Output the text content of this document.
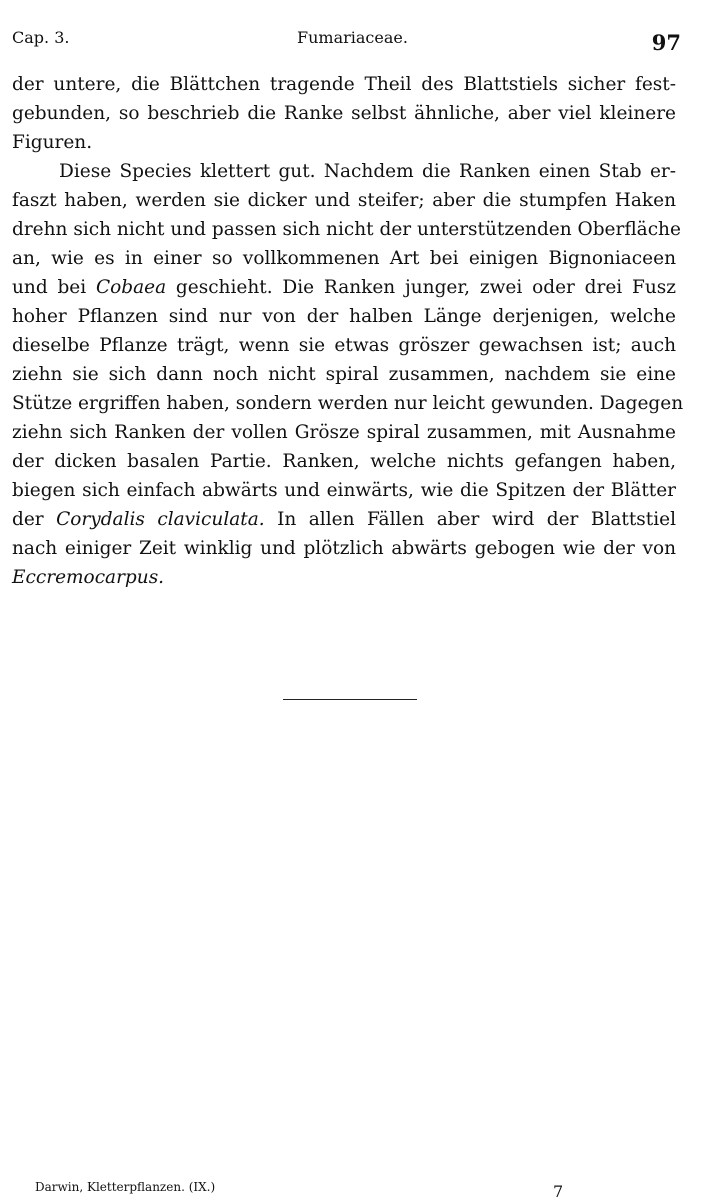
Cap. 3.	Fumariaceae.	97
der untere, die Blättchen tragende Theil des Blattstiels sicher fest-
gebunden, so beschrieb die Ranke selbst ähnliche, aber viel kleinere
Figuren.
Diese Species klettert gut. Nachdem die Ranken einen Stab er-
faszt haben, werden sie dicker und steifer; aber die stumpfen Haken
drehn sich nicht und passen sich nicht der unterstützenden Oberfläche
an, wie es in einer so vollkommenen Art bei einigen Bignoniaceen
und bei Cobaea geschieht. Die Ranken junger, zwei oder drei Fusz
hoher Pflanzen sind nur von der halben Länge derjenigen, welche
dieselbe Pflanze trägt, wenn sie etwas gröszer gewachsen ist; auch
ziehn sie sich dann noch nicht spiral zusammen, nachdem sie eine
Stütze ergriffen haben, sondern werden nur leicht gewunden. Dagegen
ziehn sich Ranken der vollen Grösze spiral zusammen, mit Ausnahme
der dicken basalen Partie. Ranken, welche nichts gefangen haben,
biegen sich einfach abwärts und einwärts, wie die Spitzen der Blätter
der Corydalis claviculata. In allen Fällen aber wird der Blattstiel
nach einiger Zeit winklig und plötzlich abwärts gebogen wie der von
Eccremocarpus.
Darwin, Kletterpflanzen. (IX.)	7
